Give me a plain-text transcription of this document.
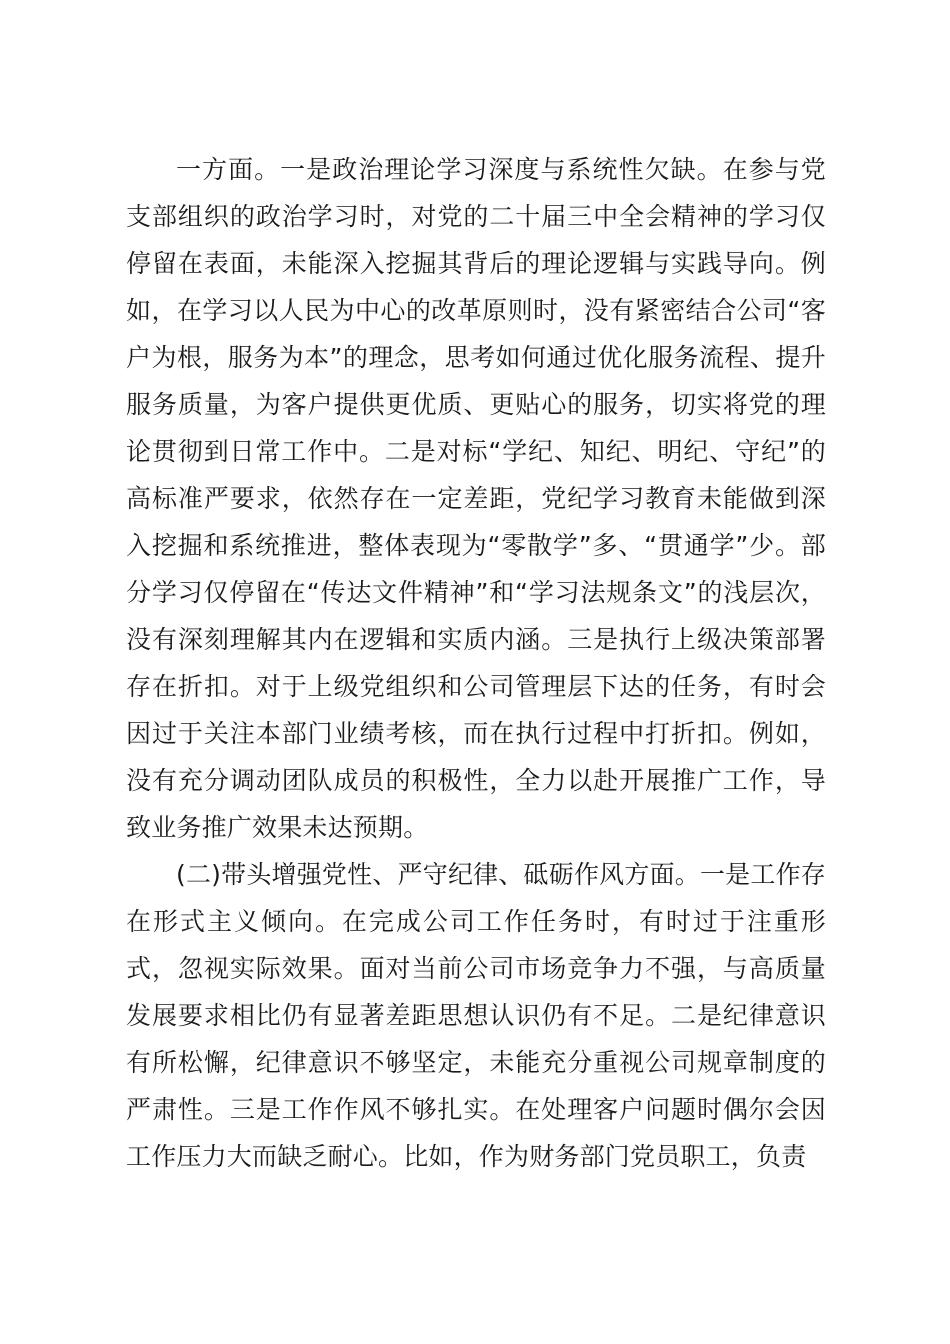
一方面。一是政治理论学习深度与系统性欠缺。在参与党支部组织的政治学习时，对党的二十届三中全会精神的学习仅停留在表面，未能深入挖掘其背后的理论逻辑与实践导向。例如，在学习以人民为中心的改革原则时，没有紧密结合公司“客户为根，服务为本”的理念，思考如何通过优化服务流程、提升服务质量，为客户提供更优质、更贴心的服务，切实将党的理论贯彻到日常工作中。二是对标“学纪、知纪、明纪、守纪”的高标准严要求，依然存在一定差距，党纪学习教育未能做到深入挖掘和系统推进，整体表现为“零散学”多、“贯通学”少。部分学习仅停留在“传达文件精神”和“学习法规条文”的浅层次，没有深刻理解其内在逻辑和实质内涵。三是执行上级决策部署存在折扣。对于上级党组织和公司管理层下达的任务，有时会因过于关注本部门业绩考核，而在执行过程中打折扣。例如，没有充分调动团队成员的积极性，全力以赴开展推广工作，导致业务推广效果未达预期。

(二)带头增强党性、严守纪律、砥砺作风方面。一是工作存在形式主义倾向。在完成公司工作任务时，有时过于注重形式，忽视实际效果。面对当前公司市场竞争力不强，与高质量发展要求相比仍有显著差距思想认识仍有不足。二是纪律意识有所松懈，纪律意识不够坚定，未能充分重视公司规章制度的严肃性。三是工作作风不够扎实。在处理客户问题时偶尔会因工作压力大而缺乏耐心。比如，作为财务部门党员职工，负责
